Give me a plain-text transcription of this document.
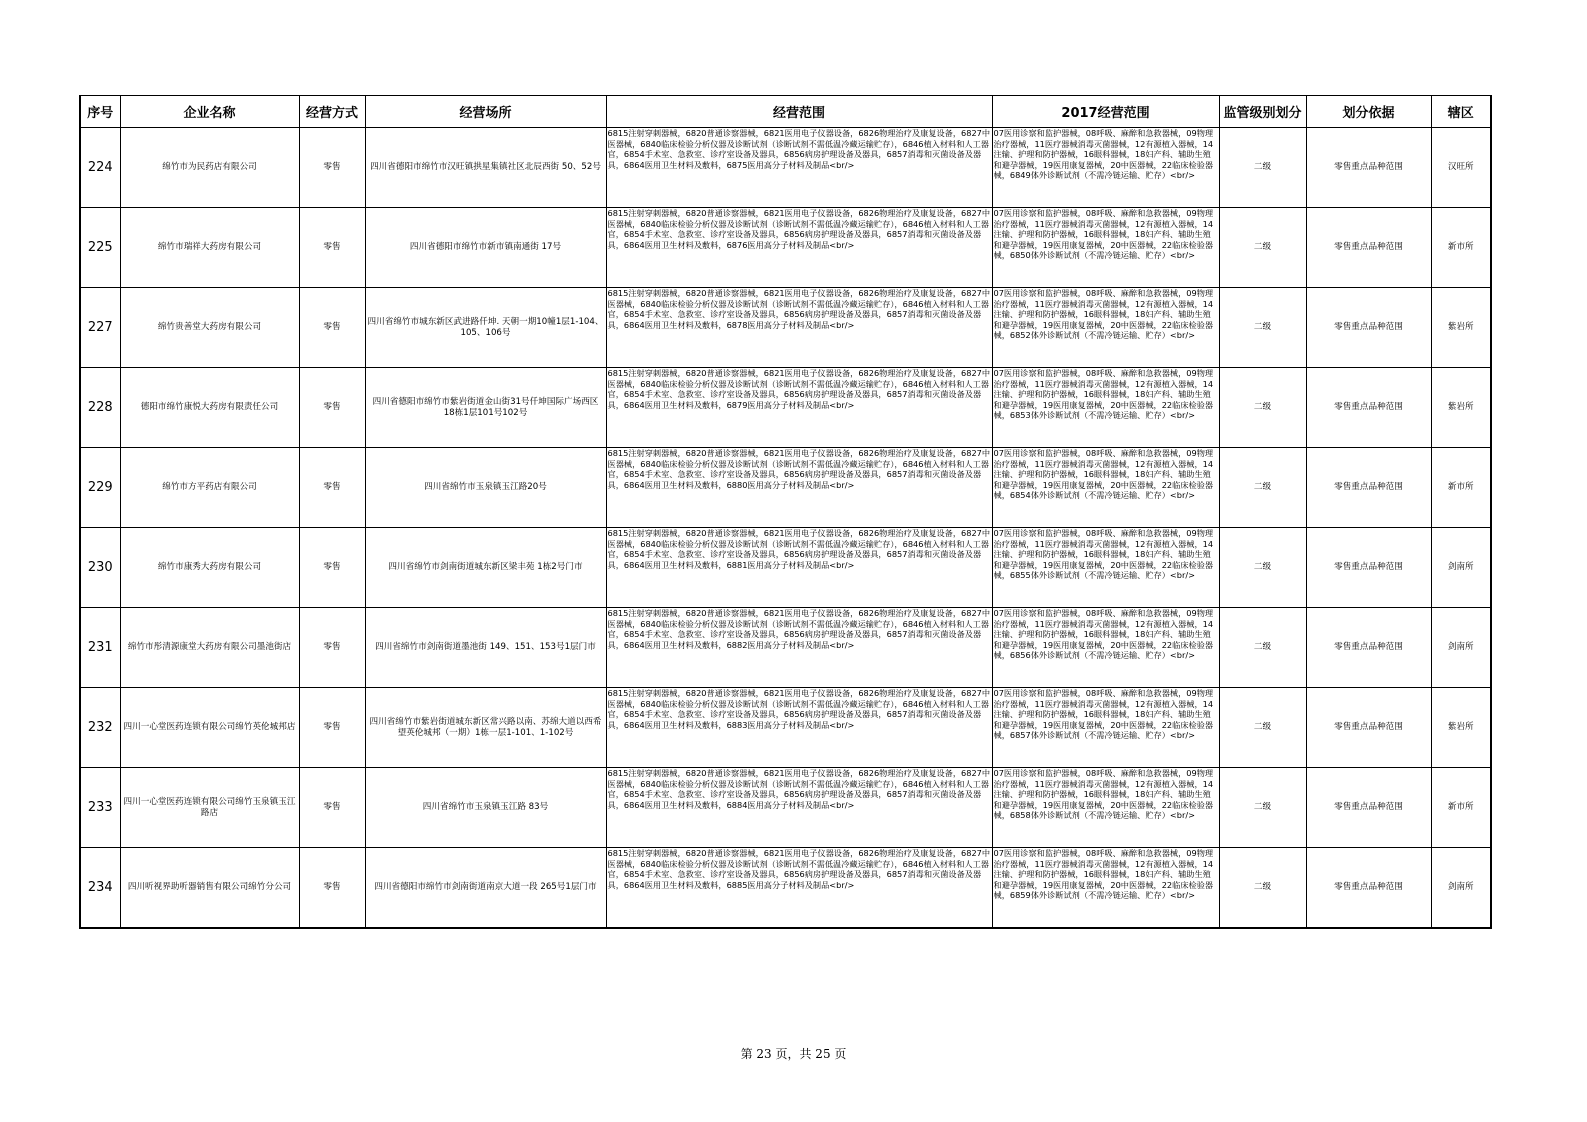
序号	企业名称	经营方式	经营场所	经营范围	2017经营范围	监管级别划分	划分依据	辖区
224	绵竹市为民药店有限公司	零售	四川省德阳市绵竹市汉旺镇拱星集镇社区北辰西街 50、52号	6815注射穿刺器械，6820普通诊察器械，6821医用电子仪器设备，6826物理治疗及康复设备，6827中医器械，6840临床检验分析仪器及诊断试剂（诊断试剂不需低温冷藏运输贮存），6846植入材料和人工器官，6854手术室、急救室、诊疗室设备及器具，6856病房护理设备及器具，6857消毒和灭菌设备及器具，6864医用卫生材料及敷料，6875医用高分子材料及制品<br/>	07医用诊察和监护器械，08呼吸、麻醉和急救器械，09物理治疗器械，11医疗器械消毒灭菌器械，12有源植入器械，14注输、护理和防护器械，16眼科器械，18妇产科、辅助生殖和避孕器械，19医用康复器械，20中医器械，22临床检验器械，6849体外诊断试剂（不需冷链运输、贮存）<br/>	二级	零售重点品种范围	汉旺所
225	绵竹市瑞祥大药房有限公司	零售	四川省德阳市绵竹市新市镇南通街 17号	6815注射穿刺器械，6820普通诊察器械，6821医用电子仪器设备，6826物理治疗及康复设备，6827中医器械，6840临床检验分析仪器及诊断试剂（诊断试剂不需低温冷藏运输贮存），6846植入材料和人工器官，6854手术室、急救室、诊疗室设备及器具，6856病房护理设备及器具，6857消毒和灭菌设备及器具，6864医用卫生材料及敷料，6876医用高分子材料及制品<br/>	07医用诊察和监护器械，08呼吸、麻醉和急救器械，09物理治疗器械，11医疗器械消毒灭菌器械，12有源植入器械，14注输、护理和防护器械，16眼科器械，18妇产科、辅助生殖和避孕器械，19医用康复器械，20中医器械，22临床检验器械，6850体外诊断试剂（不需冷链运输、贮存）<br/>	二级	零售重点品种范围	新市所
227	绵竹贵善堂大药房有限公司	零售	四川省绵竹市城东新区武进路仟坤. 天朝一期10幢1层1-104、105、106号	6815注射穿刺器械，6820普通诊察器械，6821医用电子仪器设备，6826物理治疗及康复设备，6827中医器械，6840临床检验分析仪器及诊断试剂（诊断试剂不需低温冷藏运输贮存），6846植入材料和人工器官，6854手术室、急救室、诊疗室设备及器具，6856病房护理设备及器具，6857消毒和灭菌设备及器具，6864医用卫生材料及敷料，6878医用高分子材料及制品<br/>	07医用诊察和监护器械，08呼吸、麻醉和急救器械，09物理治疗器械，11医疗器械消毒灭菌器械，12有源植入器械，14注输、护理和防护器械，16眼科器械，18妇产科、辅助生殖和避孕器械，19医用康复器械，20中医器械，22临床检验器械，6852体外诊断试剂（不需冷链运输、贮存）<br/>	二级	零售重点品种范围	紫岩所
228	德阳市绵竹康悦大药房有限责任公司	零售	四川省德阳市绵竹市紫岩街道金山街31号仟坤国际广场西区18栋1层101号102号	6815注射穿刺器械，6820普通诊察器械，6821医用电子仪器设备，6826物理治疗及康复设备，6827中医器械，6840临床检验分析仪器及诊断试剂（诊断试剂不需低温冷藏运输贮存），6846植入材料和人工器官，6854手术室、急救室、诊疗室设备及器具，6856病房护理设备及器具，6857消毒和灭菌设备及器具，6864医用卫生材料及敷料，6879医用高分子材料及制品<br/>	07医用诊察和监护器械，08呼吸、麻醉和急救器械，09物理治疗器械，11医疗器械消毒灭菌器械，12有源植入器械，14注输、护理和防护器械，16眼科器械，18妇产科、辅助生殖和避孕器械，19医用康复器械，20中医器械，22临床检验器械，6853体外诊断试剂（不需冷链运输、贮存）<br/>	二级	零售重点品种范围	紫岩所
229	绵竹市方平药店有限公司	零售	四川省绵竹市玉泉镇玉江路20号	6815注射穿刺器械，6820普通诊察器械，6821医用电子仪器设备，6826物理治疗及康复设备，6827中医器械，6840临床检验分析仪器及诊断试剂（诊断试剂不需低温冷藏运输贮存），6846植入材料和人工器官，6854手术室、急救室、诊疗室设备及器具，6856病房护理设备及器具，6857消毒和灭菌设备及器具，6864医用卫生材料及敷料，6880医用高分子材料及制品<br/>	07医用诊察和监护器械，08呼吸、麻醉和急救器械，09物理治疗器械，11医疗器械消毒灭菌器械，12有源植入器械，14注输、护理和防护器械，16眼科器械，18妇产科、辅助生殖和避孕器械，19医用康复器械，20中医器械，22临床检验器械，6854体外诊断试剂（不需冷链运输、贮存）<br/>	二级	零售重点品种范围	新市所
230	绵竹市康秀大药房有限公司	零售	四川省绵竹市剑南街道城东新区梁丰苑 1栋2号门市	6815注射穿刺器械，6820普通诊察器械，6821医用电子仪器设备，6826物理治疗及康复设备，6827中医器械，6840临床检验分析仪器及诊断试剂（诊断试剂不需低温冷藏运输贮存），6846植入材料和人工器官，6854手术室、急救室、诊疗室设备及器具，6856病房护理设备及器具，6857消毒和灭菌设备及器具，6864医用卫生材料及敷料，6881医用高分子材料及制品<br/>	07医用诊察和监护器械，08呼吸、麻醉和急救器械，09物理治疗器械，11医疗器械消毒灭菌器械，12有源植入器械，14注输、护理和防护器械，16眼科器械，18妇产科、辅助生殖和避孕器械，19医用康复器械，20中医器械，22临床检验器械，6855体外诊断试剂（不需冷链运输、贮存）<br/>	二级	零售重点品种范围	剑南所
231	绵竹市彤清源康堂大药房有限公司墨池街店	零售	四川省绵竹市剑南街道墨池街 149、151、153号1层门市	6815注射穿刺器械，6820普通诊察器械，6821医用电子仪器设备，6826物理治疗及康复设备，6827中医器械，6840临床检验分析仪器及诊断试剂（诊断试剂不需低温冷藏运输贮存），6846植入材料和人工器官，6854手术室、急救室、诊疗室设备及器具，6856病房护理设备及器具，6857消毒和灭菌设备及器具，6864医用卫生材料及敷料，6882医用高分子材料及制品<br/>	07医用诊察和监护器械，08呼吸、麻醉和急救器械，09物理治疗器械，11医疗器械消毒灭菌器械，12有源植入器械，14注输、护理和防护器械，16眼科器械，18妇产科、辅助生殖和避孕器械，19医用康复器械，20中医器械，22临床检验器械，6856体外诊断试剂（不需冷链运输、贮存）<br/>	二级	零售重点品种范围	剑南所
232	四川一心堂医药连锁有限公司绵竹英伦城邦店	零售	四川省绵竹市紫岩街道城东新区常兴路以南、苏绵大道以西希望英伦城邦（一期）1栋一层1-101、1-102号	6815注射穿刺器械，6820普通诊察器械，6821医用电子仪器设备，6826物理治疗及康复设备，6827中医器械，6840临床检验分析仪器及诊断试剂（诊断试剂不需低温冷藏运输贮存），6846植入材料和人工器官，6854手术室、急救室、诊疗室设备及器具，6856病房护理设备及器具，6857消毒和灭菌设备及器具，6864医用卫生材料及敷料，6883医用高分子材料及制品<br/>	07医用诊察和监护器械，08呼吸、麻醉和急救器械，09物理治疗器械，11医疗器械消毒灭菌器械，12有源植入器械，14注输、护理和防护器械，16眼科器械，18妇产科、辅助生殖和避孕器械，19医用康复器械，20中医器械，22临床检验器械，6857体外诊断试剂（不需冷链运输、贮存）<br/>	二级	零售重点品种范围	紫岩所
233	四川一心堂医药连锁有限公司绵竹玉泉镇玉江路店	零售	四川省绵竹市玉泉镇玉江路 83号	6815注射穿刺器械，6820普通诊察器械，6821医用电子仪器设备，6826物理治疗及康复设备，6827中医器械，6840临床检验分析仪器及诊断试剂（诊断试剂不需低温冷藏运输贮存），6846植入材料和人工器官，6854手术室、急救室、诊疗室设备及器具，6856病房护理设备及器具，6857消毒和灭菌设备及器具，6864医用卫生材料及敷料，6884医用高分子材料及制品<br/>	07医用诊察和监护器械，08呼吸、麻醉和急救器械，09物理治疗器械，11医疗器械消毒灭菌器械，12有源植入器械，14注输、护理和防护器械，16眼科器械，18妇产科、辅助生殖和避孕器械，19医用康复器械，20中医器械，22临床检验器械，6858体外诊断试剂（不需冷链运输、贮存）<br/>	二级	零售重点品种范围	新市所
234	四川听视界助听器销售有限公司绵竹分公司	零售	四川省德阳市绵竹市剑南街道南京大道一段 265号1层门市	6815注射穿刺器械，6820普通诊察器械，6821医用电子仪器设备，6826物理治疗及康复设备，6827中医器械，6840临床检验分析仪器及诊断试剂（诊断试剂不需低温冷藏运输贮存），6846植入材料和人工器官，6854手术室、急救室、诊疗室设备及器具，6856病房护理设备及器具，6857消毒和灭菌设备及器具，6864医用卫生材料及敷料，6885医用高分子材料及制品<br/>	07医用诊察和监护器械，08呼吸、麻醉和急救器械，09物理治疗器械，11医疗器械消毒灭菌器械，12有源植入器械，14注输、护理和防护器械，16眼科器械，18妇产科、辅助生殖和避孕器械，19医用康复器械，20中医器械，22临床检验器械，6859体外诊断试剂（不需冷链运输、贮存）<br/>	二级	零售重点品种范围	剑南所
第 23 页，共 25 页
